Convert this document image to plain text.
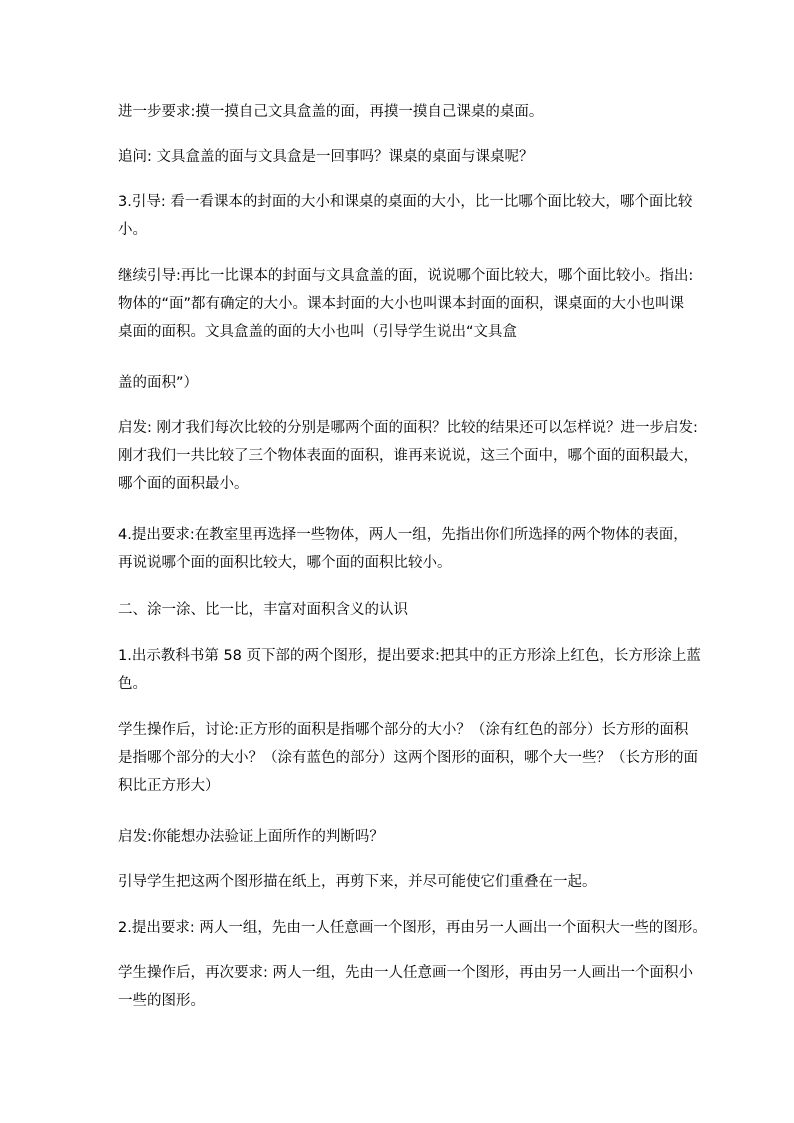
进一步要求:摸一摸自己文具盒盖的面，再摸一摸自己课桌的桌面。
追问: 文具盒盖的面与文具盒是一回事吗？课桌的桌面与课桌呢？
3.引导: 看一看课本的封面的大小和课桌的桌面的大小，比一比哪个面比较大，哪个面比较
小。
继续引导:再比一比课本的封面与文具盒盖的面，说说哪个面比较大，哪个面比较小。指出:
物体的“面”都有确定的大小。课本封面的大小也叫课本封面的面积，课桌面的大小也叫课
桌面的面积。文具盒盖的面的大小也叫（引导学生说出“文具盒
盖的面积”）
启发: 刚才我们每次比较的分别是哪两个面的面积？比较的结果还可以怎样说？进一步启发:
刚才我们一共比较了三个物体表面的面积，谁再来说说，这三个面中，哪个面的面积最大，
哪个面的面积最小。
4.提出要求:在教室里再选择一些物体，两人一组，先指出你们所选择的两个物体的表面，
再说说哪个面的面积比较大，哪个面的面积比较小。
二、涂一涂、比一比，丰富对面积含义的认识
1.出示教科书第 58 页下部的两个图形，提出要求:把其中的正方形涂上红色，长方形涂上蓝
色。
学生操作后，讨论:正方形的面积是指哪个部分的大小？（涂有红色的部分）长方形的面积
是指哪个部分的大小？（涂有蓝色的部分）这两个图形的面积，哪个大一些？（长方形的面
积比正方形大）
启发:你能想办法验证上面所作的判断吗？
引导学生把这两个图形描在纸上，再剪下来，并尽可能使它们重叠在一起。
2.提出要求: 两人一组，先由一人任意画一个图形，再由另一人画出一个面积大一些的图形。
学生操作后，再次要求: 两人一组，先由一人任意画一个图形，再由另一人画出一个面积小
一些的图形。
